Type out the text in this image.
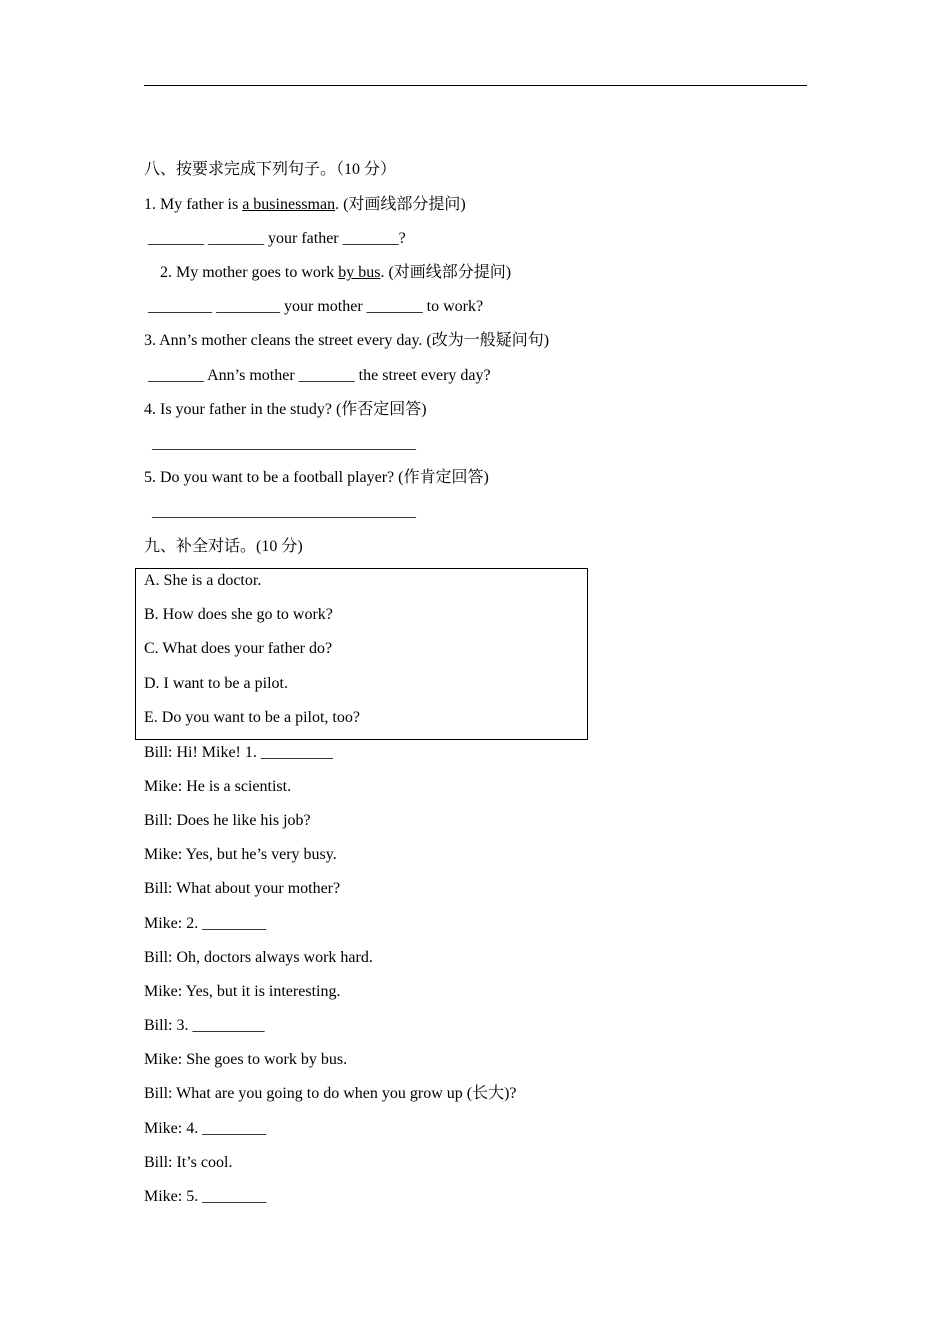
八、按要求完成下列句子。（10 分）
1. My father is a businessman. (对画线部分提问)
_______ _______ your father _______?
2. My mother goes to work by bus. (对画线部分提问)
________ ________ your mother _______ to work?
3. Ann’s mother cleans the street every day. (改为一般疑问句)
_______ Ann’s mother _______ the street every day?
4. Is your father in the study? (作否定回答)
_________________________________
5. Do you want to be a football player? (作肯定回答)
_________________________________
九、补全对话。(10 分)
A. She is a doctor.
B. How does she go to work?
C. What does your father do?
D. I want to be a pilot.
E. Do you want to be a pilot, too?
Bill: Hi! Mike! 1. _________
Mike: He is a scientist.
Bill: Does he like his job?
Mike: Yes, but he’s very busy.
Bill: What about your mother?
Mike: 2. ________
Bill: Oh, doctors always work hard.
Mike: Yes, but it is interesting.
Bill: 3. _________
Mike: She goes to work by bus.
Bill: What are you going to do when you grow up (长大)?
Mike: 4. ________
Bill: It’s cool.
Mike: 5. ________
